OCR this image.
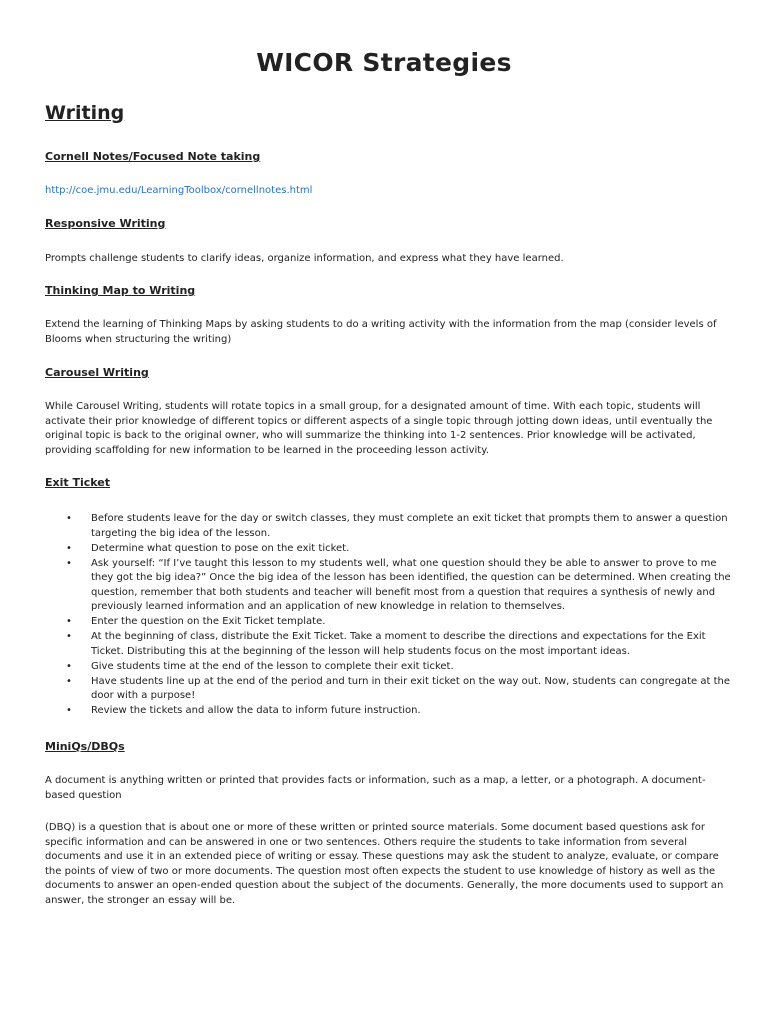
WICOR Strategies
Writing
Cornell Notes/Focused Note taking
http://coe.jmu.edu/LearningToolbox/cornellnotes.html
Responsive Writing
Prompts challenge students to clarify ideas, organize information, and express what they have learned.
Thinking Map to Writing
Extend the learning of Thinking Maps by asking students to do a writing activity with the information from the map (consider levels of Blooms when structuring the writing)
Carousel Writing
While Carousel Writing, students will rotate topics in a small group, for a designated amount of time. With each topic, students will activate their prior knowledge of different topics or different aspects of a single topic through jotting down ideas, until eventually the original topic is back to the original owner, who will summarize the thinking into 1-2 sentences. Prior knowledge will be activated, providing scaffolding for new information to be learned in the proceeding lesson activity.
Exit Ticket
• Before students leave for the day or switch classes, they must complete an exit ticket that prompts them to answer a question targeting the big idea of the lesson.
• Determine what question to pose on the exit ticket.
• Ask yourself: “If I’ve taught this lesson to my students well, what one question should they be able to answer to prove to me they got the big idea?” Once the big idea of the lesson has been identified, the question can be determined. When creating the question, remember that both students and teacher will benefit most from a question that requires a synthesis of newly and previously learned information and an application of new knowledge in relation to themselves.
• Enter the question on the Exit Ticket template.
• At the beginning of class, distribute the Exit Ticket. Take a moment to describe the directions and expectations for the Exit Ticket. Distributing this at the beginning of the lesson will help students focus on the most important ideas.
• Give students time at the end of the lesson to complete their exit ticket.
• Have students line up at the end of the period and turn in their exit ticket on the way out. Now, students can congregate at the door with a purpose!
• Review the tickets and allow the data to inform future instruction.
MiniQs/DBQs
A document is anything written or printed that provides facts or information, such as a map, a letter, or a photograph. A document-based question
(DBQ) is a question that is about one or more of these written or printed source materials. Some document based questions ask for specific information and can be answered in one or two sentences. Others require the students to take information from several documents and use it in an extended piece of writing or essay. These questions may ask the student to analyze, evaluate, or compare the points of view of two or more documents. The question most often expects the student to use knowledge of history as well as the documents to answer an open-ended question about the subject of the documents. Generally, the more documents used to support an answer, the stronger an essay will be.
